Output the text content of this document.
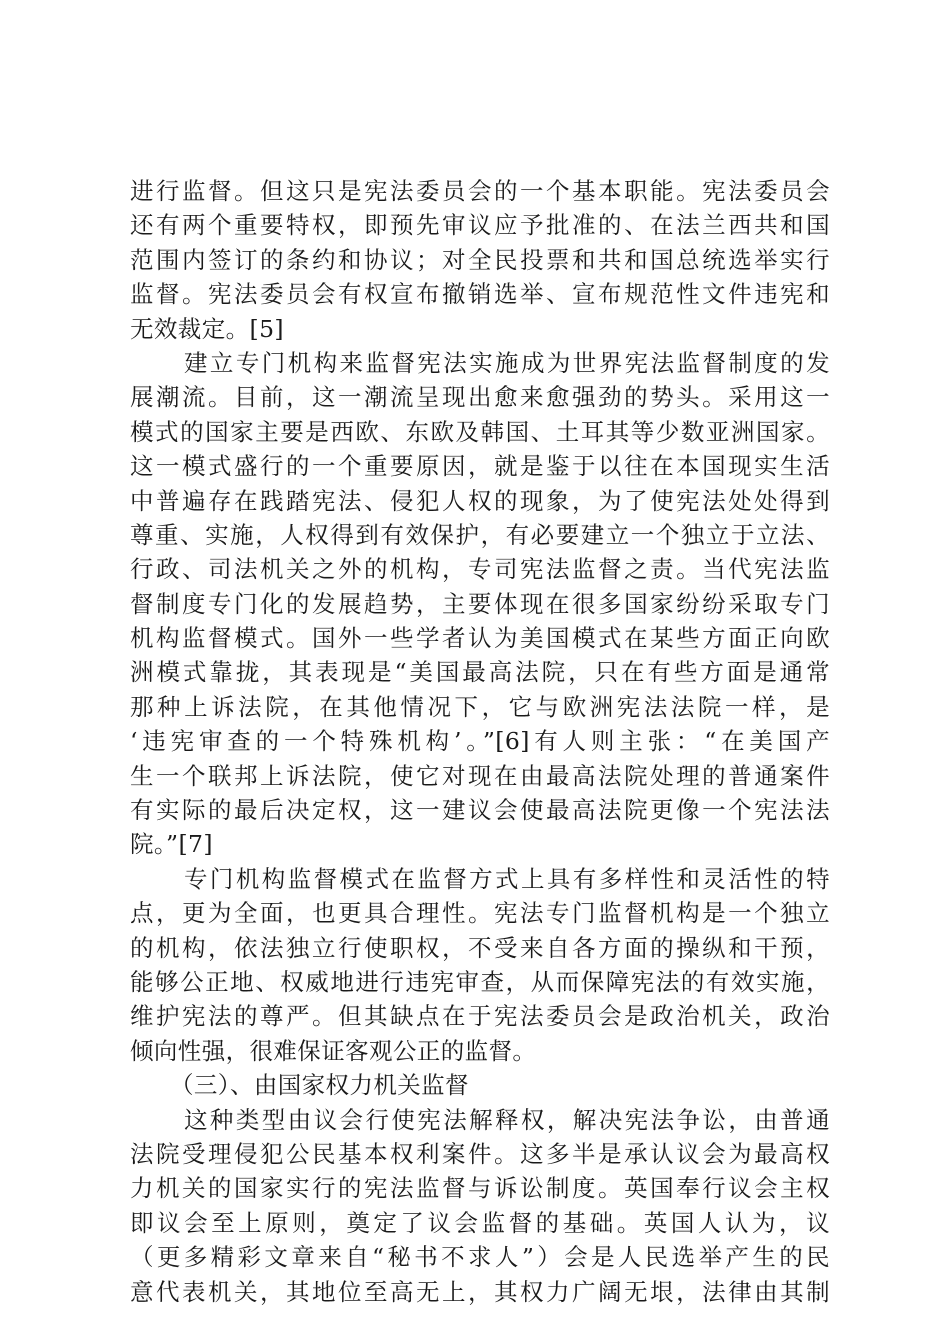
进行监督。但这只是宪法委员会的一个基本职能。宪法委员会
还有两个重要特权，即预先审议应予批准的、在法兰西共和国
范围内签订的条约和协议；对全民投票和共和国总统选举实行
监督。宪法委员会有权宣布撤销选举、宣布规范性文件违宪和
无效裁定。[5]
建立专门机构来监督宪法实施成为世界宪法监督制度的发
展潮流。目前，这一潮流呈现出愈来愈强劲的势头。采用这一
模式的国家主要是西欧、东欧及韩国、土耳其等少数亚洲国家。
这一模式盛行的一个重要原因，就是鉴于以往在本国现实生活
中普遍存在践踏宪法、侵犯人权的现象，为了使宪法处处得到
尊重、实施，人权得到有效保护，有必要建立一个独立于立法、
行政、司法机关之外的机构，专司宪法监督之责。当代宪法监
督制度专门化的发展趋势，主要体现在很多国家纷纷采取专门
机构监督模式。国外一些学者认为美国模式在某些方面正向欧
洲模式靠拢，其表现是“美国最高法院，只在有些方面是通常
那种上诉法院，在其他情况下，它与欧洲宪法法院一样，是
‘违宪审查的一个特殊机构’。”[6]有人则主张：“在美国产
生一个联邦上诉法院，使它对现在由最高法院处理的普通案件
有实际的最后决定权，这一建议会使最高法院更像一个宪法法
院。”[7]
专门机构监督模式在监督方式上具有多样性和灵活性的特
点，更为全面，也更具合理性。宪法专门监督机构是一个独立
的机构，依法独立行使职权，不受来自各方面的操纵和干预，
能够公正地、权威地进行违宪审查，从而保障宪法的有效实施，
维护宪法的尊严。但其缺点在于宪法委员会是政治机关，政治
倾向性强，很难保证客观公正的监督。
（三）、由国家权力机关监督
这种类型由议会行使宪法解释权，解决宪法争讼，由普通
法院受理侵犯公民基本权利案件。这多半是承认议会为最高权
力机关的国家实行的宪法监督与诉讼制度。英国奉行议会主权
即议会至上原则，奠定了议会监督的基础。英国人认为，议
（更多精彩文章来自“秘书不求人”）会是人民选举产生的民
意代表机关，其地位至高无上，其权力广阔无垠，法律由其制
